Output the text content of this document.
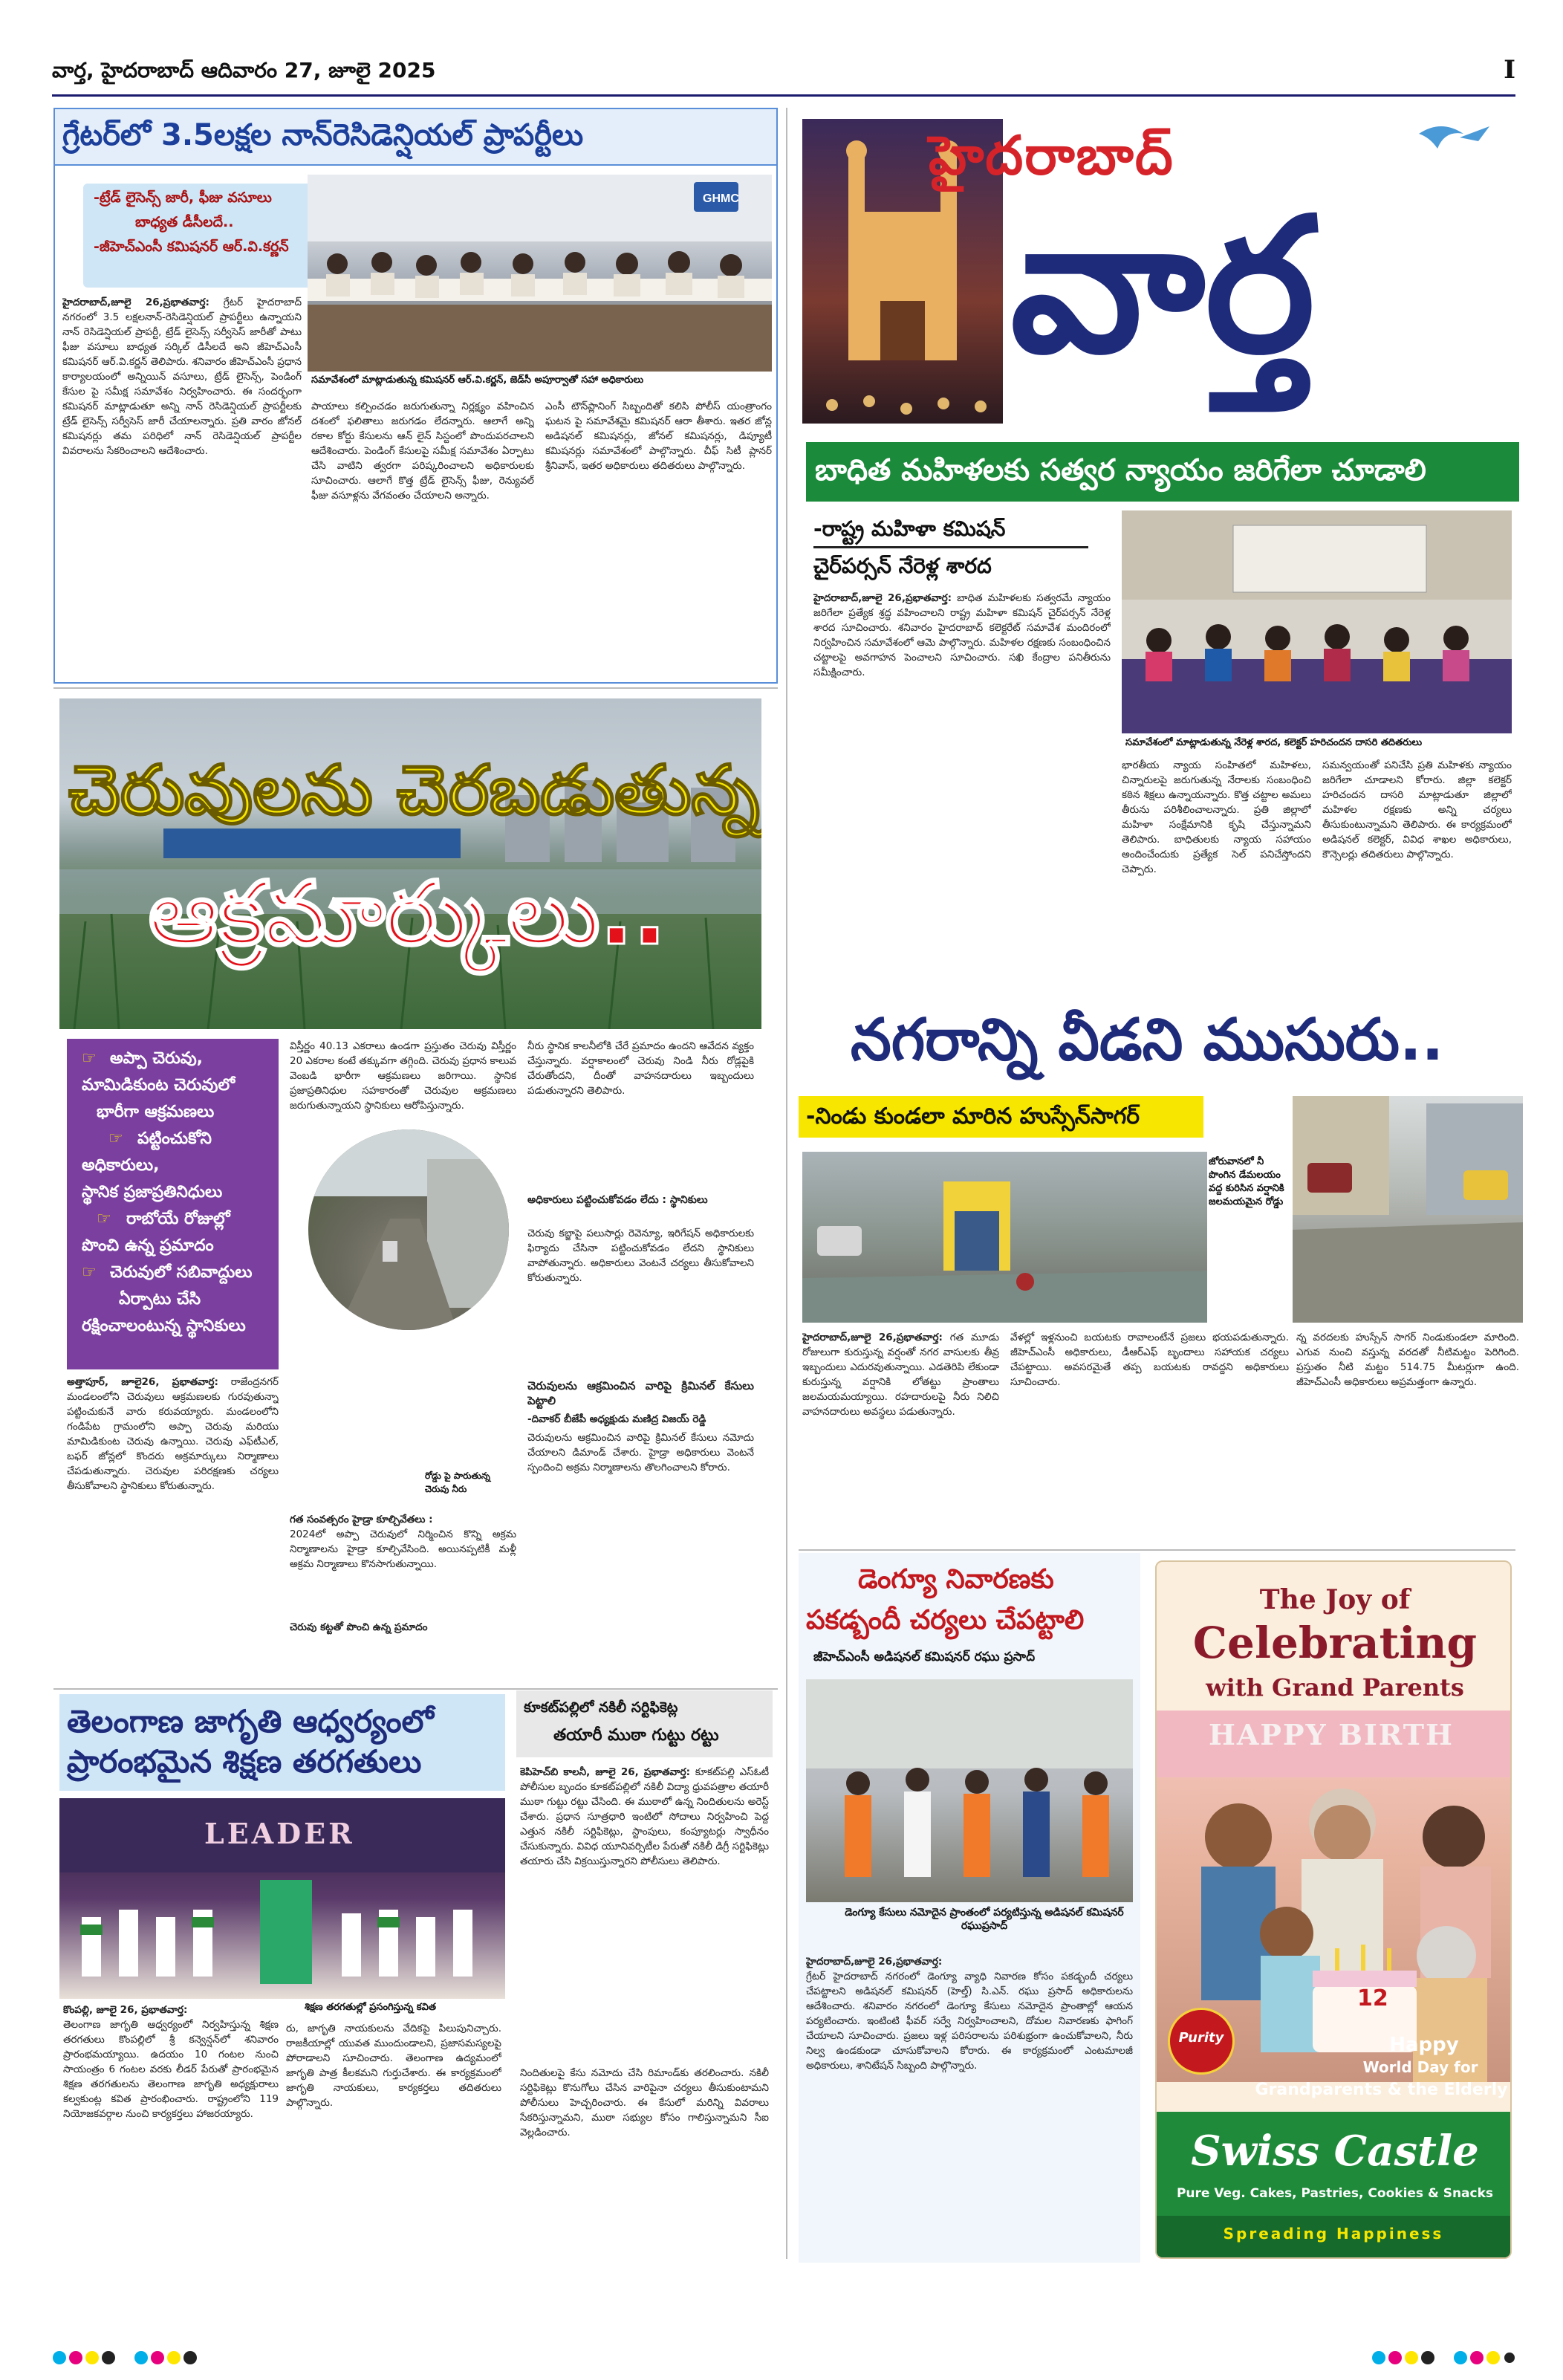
వార్త, హైదరాబాద్ ఆదివారం 27, జూలై 2025	I
గ్రేటర్‌లో 3.5లక్షల నాన్‌రెసిడెన్షియల్ ప్రాపర్టీలు
-ట్రేడ్ లైసెన్స్ జారీ, ఫీజు వసూలు
బాధ్యత డీసీలదే..
-జీహెచ్‌ఎంసీ కమిషనర్ ఆర్.వి.కర్ణన్
GHMC
సమావేశంలో మాట్లాడుతున్న కమిషనర్ ఆర్.వి.కర్ణన్, జెడ్‌సీ అపూర్వాతో సహా అధికారులు
హైదరాబాద్,జూలై 26,ప్రభాతవార్త: గ్రేటర్ హైదరాబాద్ నగరంలో 3.5 లక్షలనాన్-రెసిడెన్షియల్ ప్రాపర్టీలు ఉన్నాయని నాన్ రెసిడెన్షియల్ ప్రాపర్టీ, ట్రేడ్ లైసెన్స్ సర్వీసెస్ జారీతో పాటు ఫీజు వసూలు బాధ్యత సర్కిల్ డిసీలదే అని జీహెచ్‌ఎంసీ కమిషనర్ ఆర్.వి.కర్ణన్ తెలిపారు. శనివారం జీహెచ్‌ఎంసీ ప్రధాన కార్యాలయంలో అన్నియిన్ వసూలు, ట్రేడ్ లైసెన్స్, పెండింగ్ కేసుల పై సమీక్ష సమావేశం నిర్వహించారు. ఈ సందర్భంగా కమిషనర్ మాట్లాడుతూ అన్ని నాన్ రెసిడెన్షియల్ ప్రాపర్టీలకు ట్రేడ్ లైసెన్స్ సర్వీసెస్ జారీ చేయాలన్నారు. ప్రతి వారం జోనల్ కమిషనర్లు తమ పరిధిలో నాన్ రెసిడెన్షియల్ ప్రాపర్టీల వివరాలను సేకరించాలని ఆదేశించారు.
పాయాలు కల్పించడం జరుగుతున్నా నిర్లక్ష్యం వహించిన దశంలో ఫలితాలు జరుగడం లేదన్నారు. ఆలాగే అన్ని రకాల కోర్టు కేసులను ఆన్ లైన్ సిస్టంలో పొందుపరచాలని ఆదేశించారు. పెండింగ్ కేసులపై సమీక్ష సమావేశం ఏర్పాటు చేసి వాటిని త్వరగా పరిష్కరించాలని అధికారులకు సూచించారు. ఆలాగే కొత్త ట్రేడ్ లైసెన్స్ ఫీజు, రెన్యువల్ ఫీజు వసూళ్లను వేగవంతం చేయాలని అన్నారు.
ఎంసీ టౌన్‌ప్లానింగ్ సిబ్బందితో కలిసి పోలీస్ యంత్రాంగం ఘటన పై సమావేశమై కమిషనర్ ఆరా తీశారు. ఇతర జోన్ల అడిషనల్ కమిషనర్లు, జోనల్ కమిషనర్లు, డిప్యూటీ కమిషనర్లు సమావేశంలో పాల్గొన్నారు. చీఫ్ సిటీ ప్లానర్ శ్రీనివాస్, ఇతర అధికారులు తదితరులు పాల్గొన్నారు.
హైదరాబాద్
వార్త
బాధిత మహిళలకు సత్వర న్యాయం జరిగేలా చూడాలి
-రాష్ట్ర మహిళా కమిషన్
చైర్‌పర్సన్ నేరెళ్ల శారద
సమావేశంలో మాట్లాడుతున్న నేరెళ్ల శారద, కలెక్టర్ హరిచందన దాసరి తదితరులు
హైదరాబాద్,జూలై 26,ప్రభాతవార్త: బాధిత మహిళలకు సత్వరమే న్యాయం జరిగేలా ప్రత్యేక శ్రద్ధ వహించాలని రాష్ట్ర మహిళా కమిషన్ చైర్‌పర్సన్ నేరెళ్ల శారద సూచించారు. శనివారం హైదరాబాద్ కలెక్టరేట్ సమావేశ మందిరంలో నిర్వహించిన సమావేశంలో ఆమె పాల్గొన్నారు. మహిళల రక్షణకు సంబంధించిన చట్టాలపై అవగాహన పెంచాలని సూచించారు. సఖి కేంద్రాల పనితీరును సమీక్షించారు.
భారతీయ న్యాయ సంహితలో మహిళలు, చిన్నారులపై జరుగుతున్న నేరాలకు సంబంధించి కఠిన శిక్షలు ఉన్నాయన్నారు. కొత్త చట్టాల అమలు తీరును పరిశీలించాలన్నారు. ప్రతి జిల్లాలో మహిళా సంక్షేమానికి కృషి చేస్తున్నామని తెలిపారు. బాధితులకు న్యాయ సహాయం అందించేందుకు ప్రత్యేక సెల్ పనిచేస్తోందని చెప్పారు.
సమన్వయంతో పనిచేసి ప్రతి మహిళకు న్యాయం జరిగేలా చూడాలని కోరారు. జిల్లా కలెక్టర్ హరిచందన దాసరి మాట్లాడుతూ జిల్లాలో మహిళల రక్షణకు అన్ని చర్యలు తీసుకుంటున్నామని తెలిపారు. ఈ కార్యక్రమంలో అడిషనల్ కలెక్టర్, వివిధ శాఖల అధికారులు, కౌన్సెలర్లు తదితరులు పాల్గొన్నారు.
చెరువులను చెరబడుతున్న
ఆక్రమార్కులు..
☞ అప్పా చెరువు,
మామిడికుంట చెరువులో
భారీగా ఆక్రమణలు
☞ పట్టించుకోని
అధికారులు,
స్థానిక ప్రజాప్రతినిధులు
☞ రాబోయే రోజుల్లో
పొంచి ఉన్న ప్రమాదం
☞ చెరువులో సబివాద్దులు
ఏర్పాటు చేసి
రక్షించాలంటున్న స్థానికులు
విస్తీర్ణం 40.13 ఎకరాలు ఉండగా ప్రస్తుతం చెరువు విస్తీర్ణం 20 ఎకరాల కంటే తక్కువగా తగ్గింది. చెరువు ప్రధాన కాలువ వెంబడి భారీగా ఆక్రమణలు జరిగాయి. స్థానిక ప్రజాప్రతినిధుల సహకారంతో చెరువుల ఆక్రమణలు జరుగుతున్నాయని స్థానికులు ఆరోపిస్తున్నారు.
రోడ్డు పై పారుతున్న చెరువు నీరు
గత సంవత్సరం హైడ్రా కూల్చివేతలు :
2024లో అప్పా చెరువులో నిర్మించిన కొన్ని అక్రమ నిర్మాణాలను హైడ్రా కూల్చివేసింది. అయినప్పటికీ మళ్లీ అక్రమ నిర్మాణాలు కొనసాగుతున్నాయి.
చెరువు కట్టతో పొంచి ఉన్న ప్రమాదం
నీరు స్థానిక కాలనీలోకి చేరే ప్రమాదం ఉందని ఆవేదన వ్యక్తం చేస్తున్నారు. వర్షాకాలంలో చెరువు నిండి నీరు రోడ్లపైకి చేరుతోందని, దీంతో వాహనదారులు ఇబ్బందులు పడుతున్నారని తెలిపారు.
అధికారులు పట్టించుకోవడం లేదు : స్థానికులు
చెరువు కబ్జాపై పలుసార్లు రెవెన్యూ, ఇరిగేషన్ అధికారులకు ఫిర్యాదు చేసినా పట్టించుకోవడం లేదని స్థానికులు వాపోతున్నారు. అధికారులు వెంటనే చర్యలు తీసుకోవాలని కోరుతున్నారు.
చెరువులను ఆక్రమించిన వారిపై క్రిమినల్ కేసులు పెట్టాలి
-దివాకర్ బీజేపీ అధ్యక్షుడు మణిద్ర విజయ్ రెడ్డి
చెరువులను ఆక్రమించిన వారిపై క్రిమినల్ కేసులు నమోదు చేయాలని డిమాండ్ చేశారు. హైడ్రా అధికారులు వెంటనే స్పందించి అక్రమ నిర్మాణాలను తొలగించాలని కోరారు.
అత్తాపూర్, జూలై26, ప్రభాతవార్త: రాజేంద్రనగర్ మండలంలోని చెరువులు ఆక్రమణలకు గురవుతున్నా పట్టించుకునే వారు కరువయ్యారు. మండలంలోని గండిపేట గ్రామంలోని అప్పా చెరువు మరియు మామిడికుంట చెరువు ఉన్నాయి. చెరువు ఎఫ్‌టీఎల్, బఫర్ జోన్లలో కొందరు అక్రమార్కులు నిర్మాణాలు చేపడుతున్నారు. చెరువుల పరిరక్షణకు చర్యలు తీసుకోవాలని స్థానికులు కోరుతున్నారు.
నగరాన్ని వీడని ముసురు..
-నిండు కుండలా మారిన హుస్సేన్‌సాగర్
జోరువానలో నీ పొంగిన డేమలయం వద్ద కురిసిన వర్షానికి జలమయమైన రోడ్డు
హైదరాబాద్,జూలై 26,ప్రభాతవార్త: గత మూడు రోజులుగా కురుస్తున్న వర్షంతో నగర వాసులకు తీవ్ర ఇబ్బందులు ఎదురవుతున్నాయి. ఎడతెరిపి లేకుండా కురుస్తున్న వర్షానికి లోతట్టు ప్రాంతాలు జలమయమయ్యాయి. రహదారులపై నీరు నిలిచి వాహనదారులు అవస్థలు పడుతున్నారు.
వేళల్లో ఇళ్లనుంచి బయటకు రావాలంటేనే ప్రజలు భయపడుతున్నారు. జీహెచ్‌ఎంసీ అధికారులు, డీఆర్‌ఎఫ్ బృందాలు సహాయక చర్యలు చేపట్టాయి. అవసరమైతే తప్ప బయటకు రావద్దని అధికారులు సూచించారు.
న్న వరదలకు హుస్సేన్ సాగర్ నిండుకుండలా మారింది. ఎగువ నుంచి వస్తున్న వరదతో నీటిమట్టం పెరిగింది. ప్రస్తుతం నీటి మట్టం 514.75 మీటర్లుగా ఉంది. జీహెచ్‌ఎంసీ అధికారులు అప్రమత్తంగా ఉన్నారు.
తెలంగాణ జాగృతి ఆధ్వర్యంలో
ప్రారంభమైన శిక్షణ తరగతులు
LEADER
శిక్షణ తరగతుల్లో ప్రసంగిస్తున్న కవిత
కొంపల్లి, జూలై 26, ప్రభాతవార్త:
తెలంగాణ జాగృతి ఆధ్వర్యంలో నిర్వహిస్తున్న శిక్షణ తరగతులు కొంపల్లిలో శ్రీ కన్వెన్షన్‌లో శనివారం ప్రారంభమయ్యాయి. ఉదయం 10 గంటల నుంచి సాయంత్రం 6 గంటల వరకు లీడర్ పేరుతో ప్రారంభమైన శిక్షణ తరగతులను తెలంగాణ జాగృతి అధ్యక్షురాలు కల్వకుంట్ల కవిత ప్రారంభించారు. రాష్ట్రంలోని 119 నియోజకవర్గాల నుంచి కార్యకర్తలు హాజరయ్యారు.
రు, జాగృతి నాయకులను వేదికపై పిలుపునిచ్చారు. రాజకీయాల్లో యువత ముందుండాలని, ప్రజాసమస్యలపై పోరాడాలని సూచించారు. తెలంగాణ ఉద్యమంలో జాగృతి పాత్ర కీలకమని గుర్తుచేశారు. ఈ కార్యక్రమంలో జాగృతి నాయకులు, కార్యకర్తలు తదితరులు పాల్గొన్నారు.
కూకట్‌పల్లిలో నకిలీ సర్టిఫికెట్ల
తయారీ ముఠా గుట్టు రట్టు
కెపిహెచ్‌బి కాలనీ, జూలై 26, ప్రభాతవార్త: కూకట్‌పల్లి ఎస్‌ఓటీ పోలీసుల బృందం కూకట్‌పల్లిలో నకిలీ విద్యా ధ్రువపత్రాల తయారీ ముఠా గుట్టు రట్టు చేసింది. ఈ ముఠాలో ఉన్న నిందితులను అరెస్ట్ చేశారు. ప్రధాన సూత్రధారి ఇంటిలో సోదాలు నిర్వహించి పెద్ద ఎత్తున నకిలీ సర్టిఫికెట్లు, స్టాంపులు, కంప్యూటర్లు స్వాధీనం చేసుకున్నారు. వివిధ యూనివర్సిటీల పేరుతో నకిలీ డిగ్రీ సర్టిఫికెట్లు తయారు చేసి విక్రయిస్తున్నారని పోలీసులు తెలిపారు.
నిందితులపై కేసు నమోదు చేసి రిమాండ్‌కు తరలించారు. నకిలీ సర్టిఫికెట్లు కొనుగోలు చేసిన వారిపైనా చర్యలు తీసుకుంటామని పోలీసులు హెచ్చరించారు. ఈ కేసులో మరిన్ని వివరాలు సేకరిస్తున్నామని, ముఠా సభ్యుల కోసం గాలిస్తున్నామని సీఐ వెల్లడించారు.
డెంగ్యూ నివారణకు
పకడ్బందీ చర్యలు చేపట్టాలి
జీహెచ్‌ఎంసీ అడిషనల్ కమిషనర్ రఘు ప్రసాద్
డెంగ్యూ కేసులు నమోదైన ప్రాంతంలో పర్యటిస్తున్న అడిషనల్ కమిషనర్ రఘుప్రసాద్
హైదరాబాద్,జూలై 26,ప్రభాతవార్త:
గ్రేటర్ హైదరాబాద్ నగరంలో డెంగ్యూ వ్యాధి నివారణ కోసం పకడ్బందీ చర్యలు చేపట్టాలని అడిషనల్ కమిషనర్ (హెల్త్) సి.ఎన్. రఘు ప్రసాద్ అధికారులను ఆదేశించారు. శనివారం నగరంలో డెంగ్యూ కేసులు నమోదైన ప్రాంతాల్లో ఆయన పర్యటించారు. ఇంటింటి ఫీవర్ సర్వే నిర్వహించాలని, దోమల నివారణకు ఫాగింగ్ చేయాలని సూచించారు. ప్రజలు ఇళ్ల పరిసరాలను పరిశుభ్రంగా ఉంచుకోవాలని, నీరు నిల్వ ఉండకుండా చూసుకోవాలని కోరారు. ఈ కార్యక్రమంలో ఎంటమాలజీ అధికారులు, శానిటేషన్ సిబ్బంది పాల్గొన్నారు.
The Joy of
Celebrating
with Grand Parents
HAPPY BIRTH
12
Purity	Happy
World Day for
Grandparents & the Elderly
Swiss Castle
Pure Veg. Cakes, Pastries, Cookies & Snacks
Spreading Happiness
